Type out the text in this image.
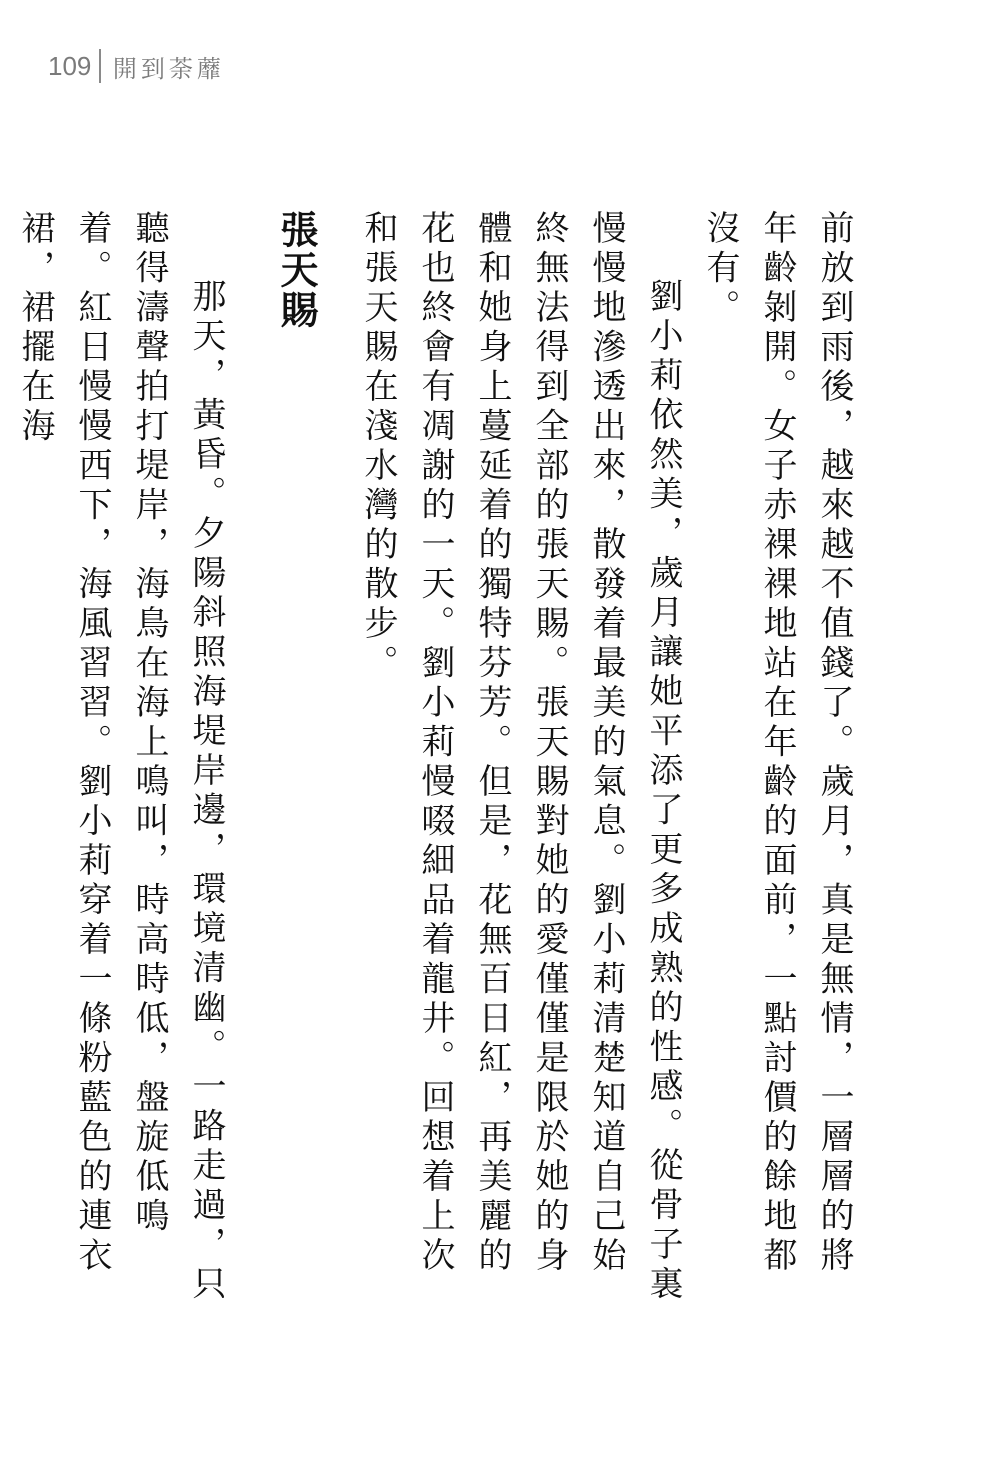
109 開到荼蘼

前放到雨後，越來越不值錢了。歲月，真是無情，一層層的將年齡剝開。女子赤裸裸地站在年齡的面前，一點討價的餘地都沒有。

劉小莉依然美，歲月讓她平添了更多成熟的性感。從骨子裏慢慢地滲透出來，散發着最美的氣息。劉小莉清楚知道自己始終無法得到全部的張天賜。張天賜對她的愛僅僅是限於她的身體和她身上蔓延着的獨特芬芳。但是，花無百日紅，再美麗的花也終會有凋謝的一天。劉小莉慢啜細品着龍井。回想着上次和張天賜在淺水灣的散步。

張天賜

那天，黃昏。夕陽斜照海堤岸邊，環境清幽。一路走過，只聽得濤聲拍打堤岸，海鳥在海上鳴叫，時高時低，盤旋低鳴着。紅日慢慢西下，海風習習。劉小莉穿着一條粉藍色的連衣裙，裙擺在海
